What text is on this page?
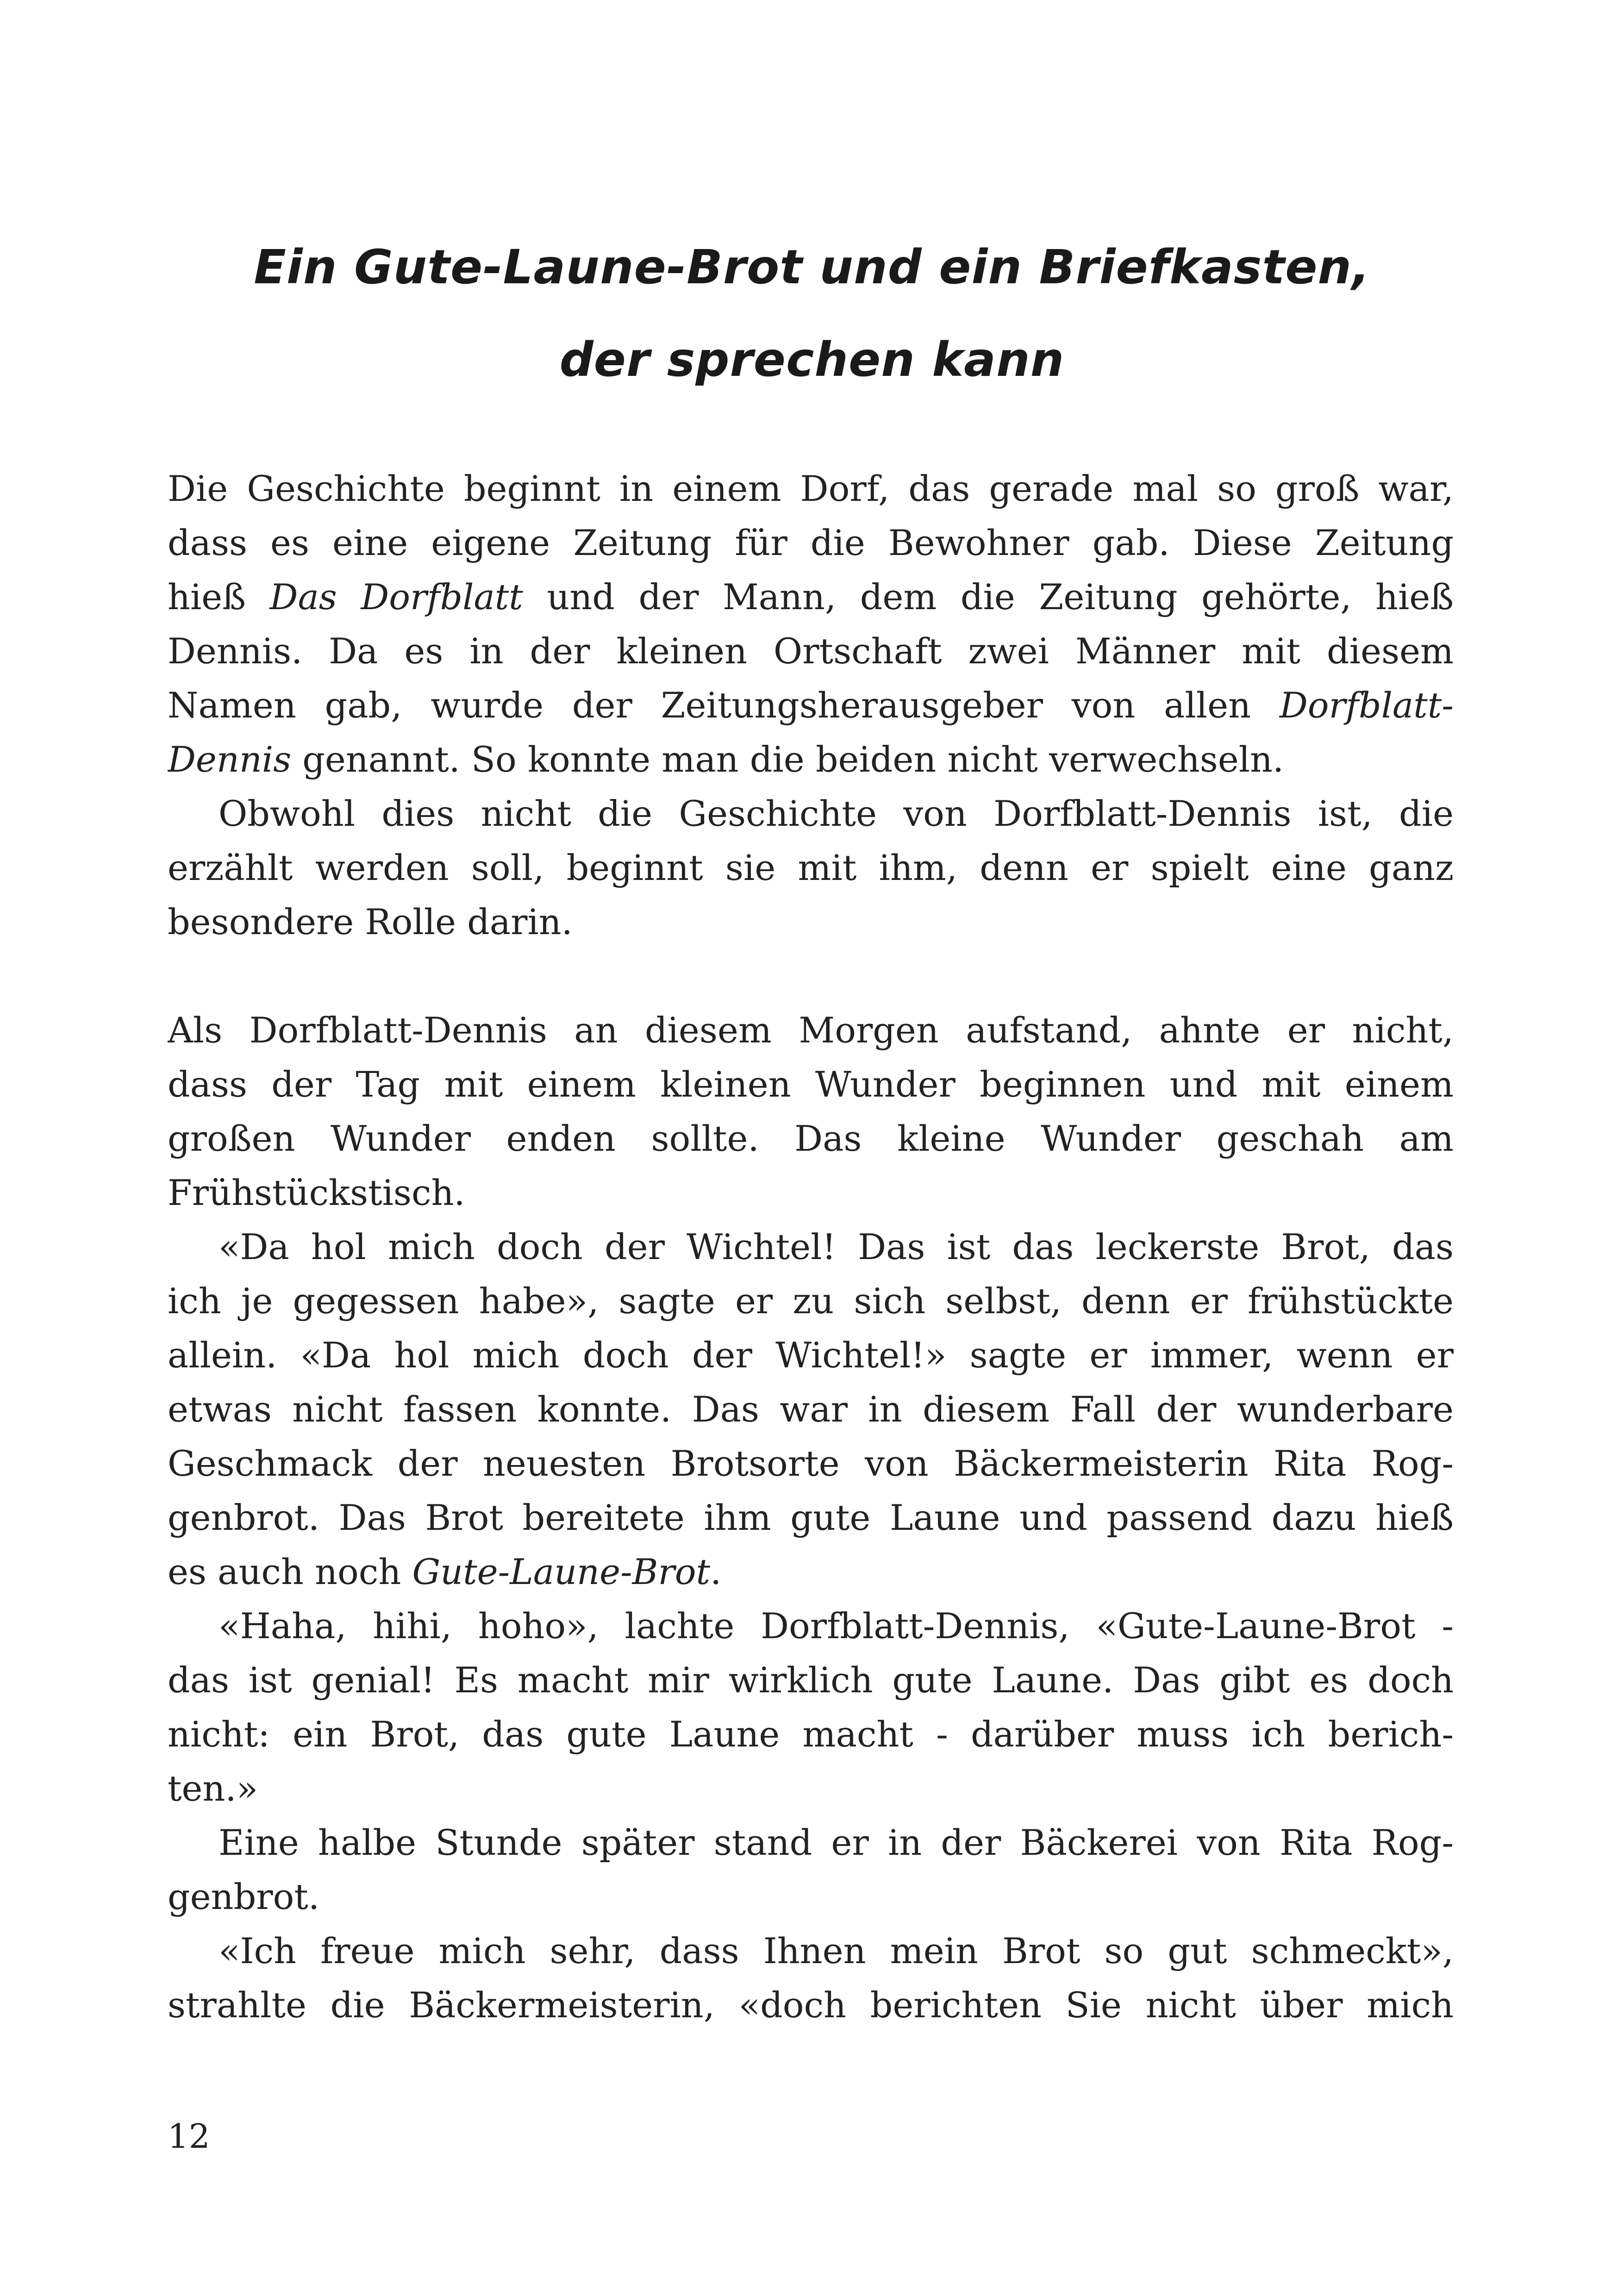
Ein Gute-Laune-Brot und ein Briefkasten,
der sprechen kann
Die Geschichte beginnt in einem Dorf, das gerade mal so groß war,
dass es eine eigene Zeitung für die Bewohner gab. Diese Zeitung
hieß Das Dorfblatt und der Mann, dem die Zeitung gehörte, hieß
Dennis. Da es in der kleinen Ortschaft zwei Männer mit diesem
Namen gab, wurde der Zeitungsherausgeber von allen Dorfblatt-
Dennis genannt. So konnte man die beiden nicht verwechseln.
Obwohl dies nicht die Geschichte von Dorfblatt-Dennis ist, die
erzählt werden soll, beginnt sie mit ihm, denn er spielt eine ganz
besondere Rolle darin.
Als Dorfblatt-Dennis an diesem Morgen aufstand, ahnte er nicht,
dass der Tag mit einem kleinen Wunder beginnen und mit einem
großen Wunder enden sollte. Das kleine Wunder geschah am
Frühstückstisch.
«Da hol mich doch der Wichtel! Das ist das leckerste Brot, das
ich je gegessen habe», sagte er zu sich selbst, denn er frühstückte
allein. «Da hol mich doch der Wichtel!» sagte er immer, wenn er
etwas nicht fassen konnte. Das war in diesem Fall der wunderbare
Geschmack der neuesten Brotsorte von Bäckermeisterin Rita Rog-
genbrot. Das Brot bereitete ihm gute Laune und passend dazu hieß
es auch noch Gute-Laune-Brot.
«Haha, hihi, hoho», lachte Dorfblatt-Dennis, «Gute-Laune-Brot -
das ist genial! Es macht mir wirklich gute Laune. Das gibt es doch
nicht: ein Brot, das gute Laune macht - darüber muss ich berich-
ten.»
Eine halbe Stunde später stand er in der Bäckerei von Rita Rog-
genbrot.
«Ich freue mich sehr, dass Ihnen mein Brot so gut schmeckt»,
strahlte die Bäckermeisterin, «doch berichten Sie nicht über mich
12
